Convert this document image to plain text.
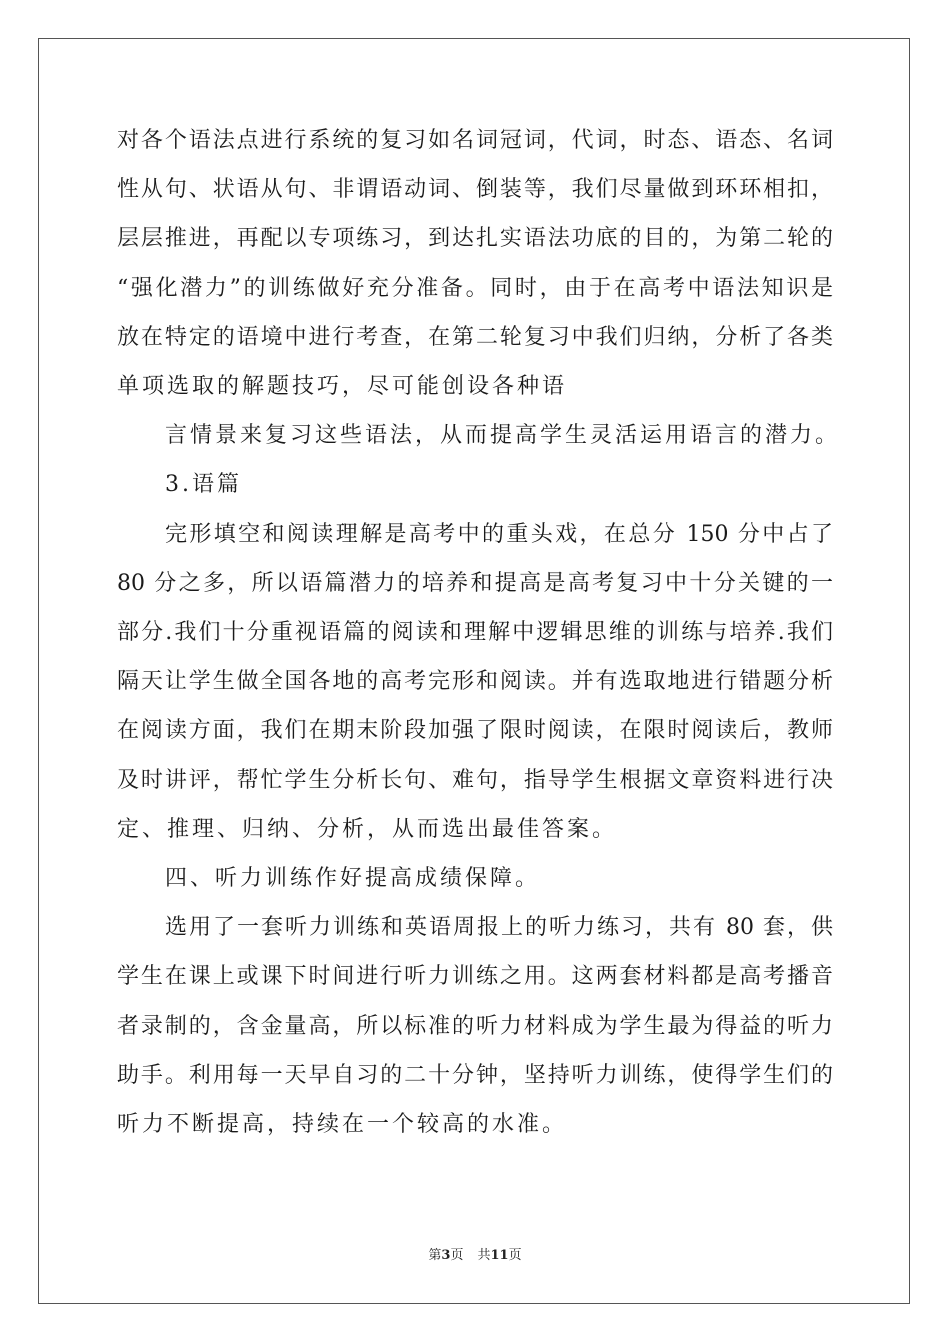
对各个语法点进行系统的复习如名词冠词，代词，时态、语态、名词
性从句、状语从句、非谓语动词、倒装等，我们尽量做到环环相扣，
层层推进，再配以专项练习，到达扎实语法功底的目的，为第二轮的
“强化潜力”的训练做好充分准备。同时，由于在高考中语法知识是
放在特定的语境中进行考查，在第二轮复习中我们归纳，分析了各类
单项选取的解题技巧，尽可能创设各种语
言情景来复习这些语法，从而提高学生灵活运用语言的潜力。
3.语篇
完形填空和阅读理解是高考中的重头戏，在总分 150 分中占了
80 分之多，所以语篇潜力的培养和提高是高考复习中十分关键的一
部分.我们十分重视语篇的阅读和理解中逻辑思维的训练与培养.我们
隔天让学生做全国各地的高考完形和阅读。并有选取地进行错题分析
在阅读方面，我们在期末阶段加强了限时阅读，在限时阅读后，教师
及时讲评，帮忙学生分析长句、难句，指导学生根据文章资料进行决
定、推理、归纳、分析，从而选出最佳答案。
四、听力训练作好提高成绩保障。
选用了一套听力训练和英语周报上的听力练习，共有 80 套，供
学生在课上或课下时间进行听力训练之用。这两套材料都是高考播音
者录制的，含金量高，所以标准的听力材料成为学生最为得益的听力
助手。利用每一天早自习的二十分钟，坚持听力训练，使得学生们的
听力不断提高，持续在一个较高的水准。
第3页 共11页
